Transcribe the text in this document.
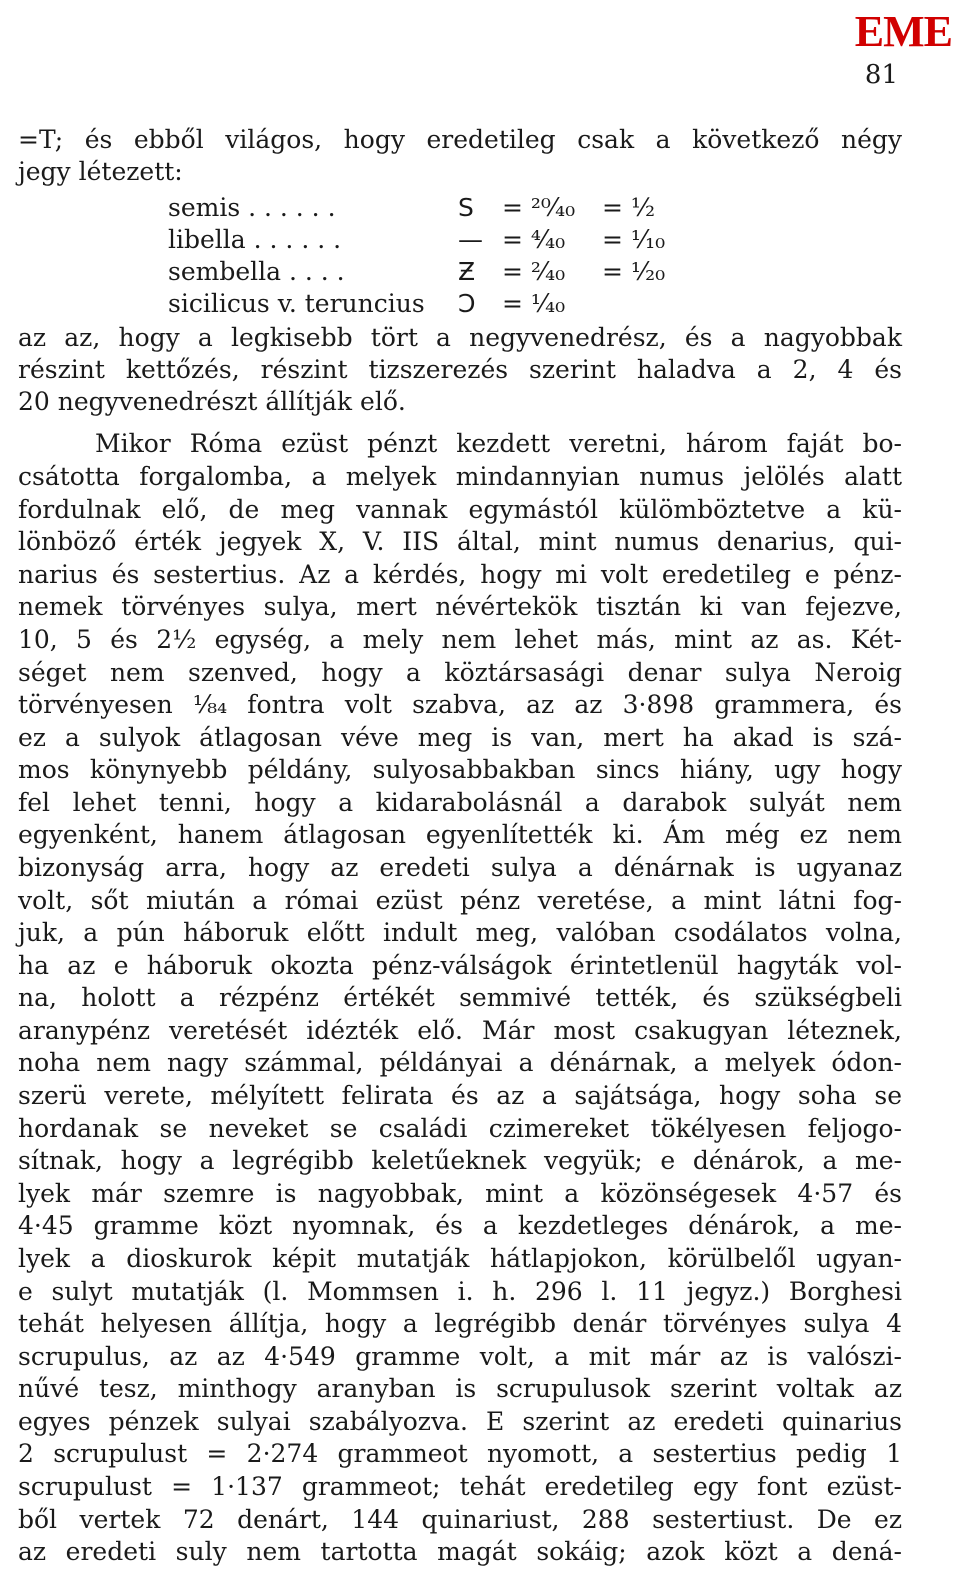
EME
81
=T; és ebből világos, hogy eredetileg csak a következő négy
jegy létezett:
semis . . . . . .	S = ²⁰⁄₄₀ = ½
libella . . . . . .	— = ⁴⁄₄₀ = ¹⁄₁₀
sembella . . . .	Ƶ = ²⁄₄₀ = ¹⁄₂₀
sicilicus v. teruncius Ɔ = ¹⁄₄₀
az az, hogy a legkisebb tört a negyvenedrész, és a nagyobbak
részint kettőzés, részint tizszerezés szerint haladva a 2, 4 és
20 negyvenedrészt állítják elő.
Mikor Róma ezüst pénzt kezdett veretni, három faját bo-
csátotta forgalomba, a melyek mindannyian numus jelölés alatt
fordulnak elő, de meg vannak egymástól külömböztetve a kü-
lönböző érték jegyek X, V. IIS által, mint numus denarius, qui-
narius és sestertius. Az a kérdés, hogy mi volt eredetileg e pénz-
nemek törvényes sulya, mert névértekök tisztán ki van fejezve,
10, 5 és 2½ egység, a mely nem lehet más, mint az as. Két-
séget nem szenved, hogy a köztársasági denar sulya Neroig
törvényesen ¹⁄₈₄ fontra volt szabva, az az 3·898 grammera, és
ez a sulyok átlagosan véve meg is van, mert ha akad is szá-
mos könynyebb példány, sulyosabbakban sincs hiány, ugy hogy
fel lehet tenni, hogy a kidarabolásnál a darabok sulyát nem
egyenként, hanem átlagosan egyenlítették ki. Ám még ez nem
bizonyság arra, hogy az eredeti sulya a dénárnak is ugyanaz
volt, sőt miután a római ezüst pénz veretése, a mint látni fog-
juk, a pún háboruk előtt indult meg, valóban csodálatos volna,
ha az e háboruk okozta pénz-válságok érintetlenül hagyták vol-
na, holott a rézpénz értékét semmivé tették, és szükségbeli
aranypénz veretését idézték elő. Már most csakugyan léteznek,
noha nem nagy számmal, példányai a dénárnak, a melyek ódon-
szerü verete, mélyített felirata és az a sajátsága, hogy soha se
hordanak se neveket se családi czimereket tökélyesen feljogo-
sítnak, hogy a legrégibb keletűeknek vegyük; e dénárok, a me-
lyek már szemre is nagyobbak, mint a közönségesek 4·57 és
4·45 gramme közt nyomnak, és a kezdetleges dénárok, a me-
lyek a dioskurok képit mutatják hátlapjokon, körülbelől ugyan-
e sulyt mutatják (l. Mommsen i. h. 296 l. 11 jegyz.) Borghesi
tehát helyesen állítja, hogy a legrégibb denár törvényes sulya 4
scrupulus, az az 4·549 gramme volt, a mit már az is valószi-
nűvé tesz, minthogy aranyban is scrupulusok szerint voltak az
egyes pénzek sulyai szabályozva. E szerint az eredeti quinarius
2 scrupulust = 2·274 grammeot nyomott, a sestertius pedig 1
scrupulust = 1·137 grammeot; tehát eredetileg egy font ezüst-
ből vertek 72 denárt, 144 quinariust, 288 sestertiust. De ez
az eredeti suly nem tartotta magát sokáig; azok közt a dená-
